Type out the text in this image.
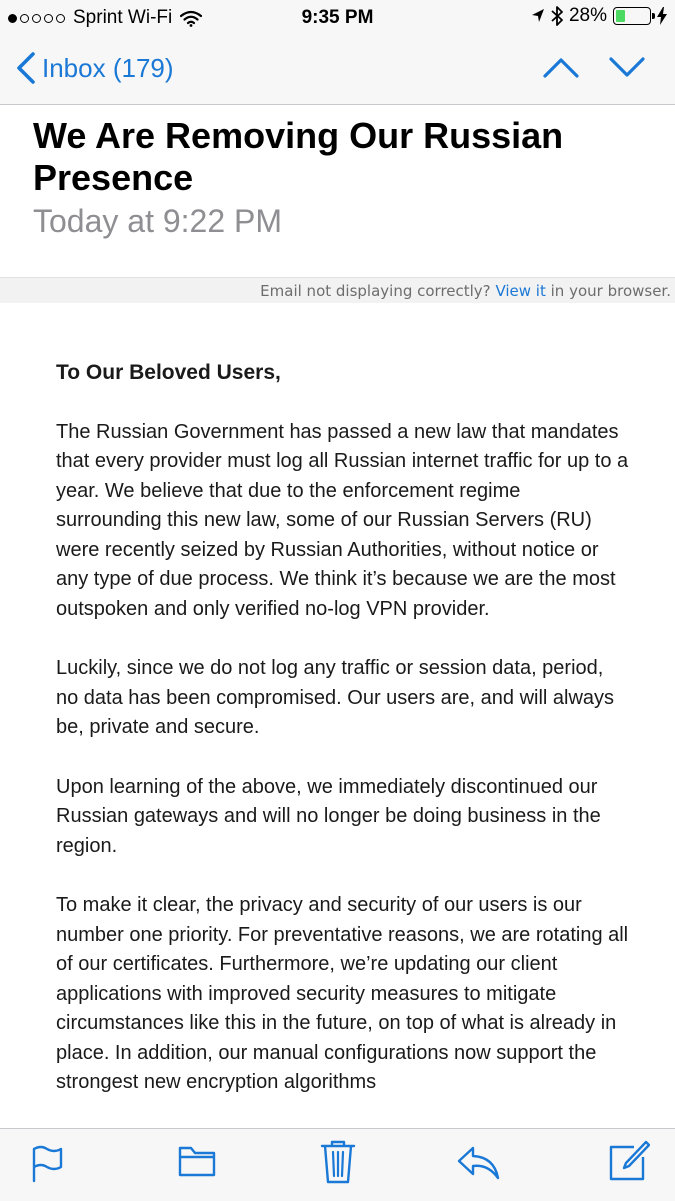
Sprint Wi-Fi	9:35 PM	28%
Inbox (179)
We Are Removing Our Russian Presence
Today at 9:22 PM
Email not displaying correctly? View it in your browser.

To Our Beloved Users,

The Russian Government has passed a new law that mandates that every provider must log all Russian internet traffic for up to a year. We believe that due to the enforcement regime surrounding this new law, some of our Russian Servers (RU) were recently seized by Russian Authorities, without notice or any type of due process. We think it’s because we are the most outspoken and only verified no-log VPN provider.

Luckily, since we do not log any traffic or session data, period, no data has been compromised. Our users are, and will always be, private and secure.

Upon learning of the above, we immediately discontinued our Russian gateways and will no longer be doing business in the region.

To make it clear, the privacy and security of our users is our number one priority. For preventative reasons, we are rotating all of our certificates. Furthermore, we’re updating our client applications with improved security measures to mitigate circumstances like this in the future, on top of what is already in place. In addition, our manual configurations now support the strongest new encryption algorithms
